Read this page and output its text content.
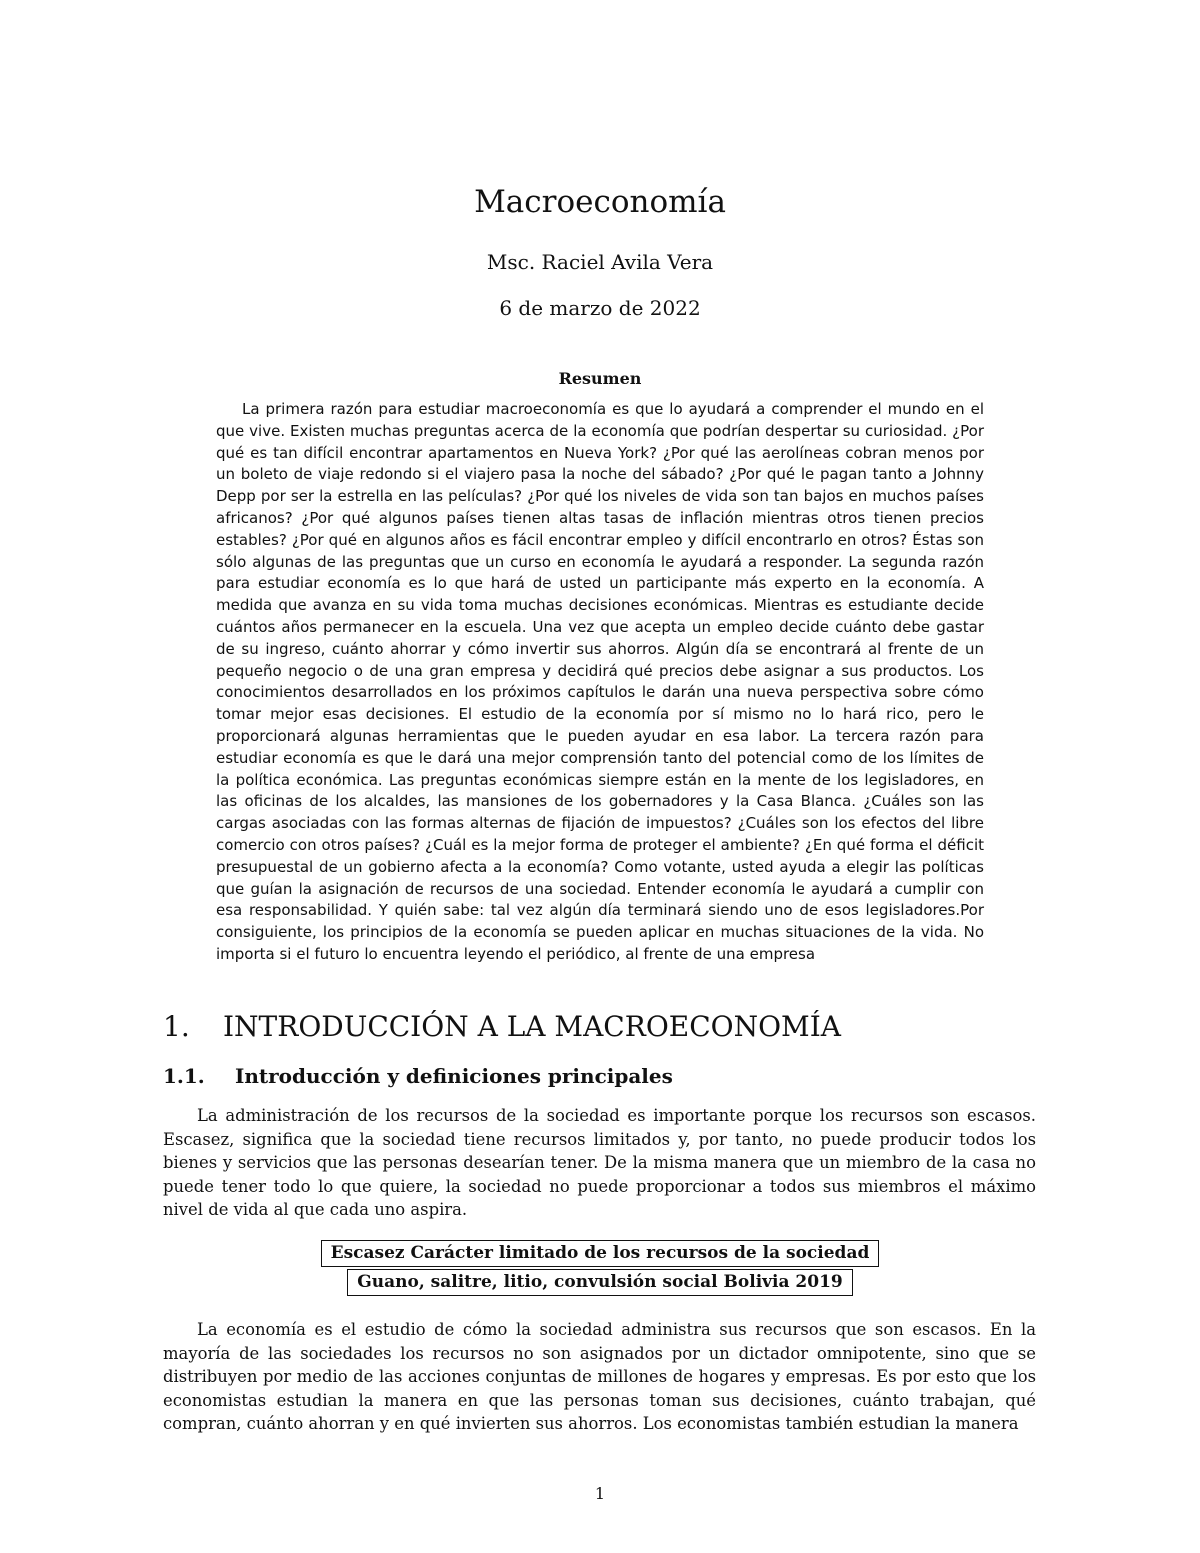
Macroeconomía
Msc. Raciel Avila Vera
6 de marzo de 2022
Resumen

La primera razón para estudiar macroeconomía es que lo ayudará a comprender el mundo en el que vive. Existen muchas preguntas acerca de la economía que podrían despertar su curiosidad. ¿Por qué es tan difícil encontrar apartamentos en Nueva York? ¿Por qué las aerolíneas cobran menos por un boleto de viaje redondo si el viajero pasa la noche del sábado? ¿Por qué le pagan tanto a Johnny Depp por ser la estrella en las películas? ¿Por qué los niveles de vida son tan bajos en muchos países africanos? ¿Por qué algunos países tienen altas tasas de inflación mientras otros tienen precios estables? ¿Por qué en algunos años es fácil encontrar empleo y difícil encontrarlo en otros? Éstas son sólo algunas de las preguntas que un curso en economía le ayudará a responder. La segunda razón para estudiar economía es lo que hará de usted un participante más experto en la economía. A medida que avanza en su vida toma muchas decisiones económicas. Mientras es estudiante decide cuántos años permanecer en la escuela. Una vez que acepta un empleo decide cuánto debe gastar de su ingreso, cuánto ahorrar y cómo invertir sus ahorros. Algún día se encontrará al frente de un pequeño negocio o de una gran empresa y decidirá qué precios debe asignar a sus productos. Los conocimientos desarrollados en los próximos capítulos le darán una nueva perspectiva sobre cómo tomar mejor esas decisiones. El estudio de la economía por sí mismo no lo hará rico, pero le proporcionará algunas herramientas que le pueden ayudar en esa labor. La tercera razón para estudiar economía es que le dará una mejor comprensión tanto del potencial como de los límites de la política económica. Las preguntas económicas siempre están en la mente de los legisladores, en las oficinas de los alcaldes, las mansiones de los gobernadores y la Casa Blanca. ¿Cuáles son las cargas asociadas con las formas alternas de fijación de impuestos? ¿Cuáles son los efectos del libre comercio con otros países? ¿Cuál es la mejor forma de proteger el ambiente? ¿En qué forma el déficit presupuestal de un gobierno afecta a la economía? Como votante, usted ayuda a elegir las políticas que guían la asignación de recursos de una sociedad. Entender economía le ayudará a cumplir con esa responsabilidad. Y quién sabe: tal vez algún día terminará siendo uno de esos legisladores.Por consiguiente, los principios de la economía se pueden aplicar en muchas situaciones de la vida. No importa si el futuro lo encuentra leyendo el periódico, al frente de una empresa

1. INTRODUCCIÓN A LA MACROECONOMÍA
1.1. Introducción y definiciones principales

La administración de los recursos de la sociedad es importante porque los recursos son escasos. Escasez, significa que la sociedad tiene recursos limitados y, por tanto, no puede producir todos los bienes y servicios que las personas desearían tener. De la misma manera que un miembro de la casa no puede tener todo lo que quiere, la sociedad no puede proporcionar a todos sus miembros el máximo nivel de vida al que cada uno aspira.

Escasez Carácter limitado de los recursos de la sociedad
Guano, salitre, litio, convulsión social Bolivia 2019

La economía es el estudio de cómo la sociedad administra sus recursos que son escasos. En la mayoría de las sociedades los recursos no son asignados por un dictador omnipotente, sino que se distribuyen por medio de las acciones conjuntas de millones de hogares y empresas. Es por esto que los economistas estudian la manera en que las personas toman sus decisiones, cuánto trabajan, qué compran, cuánto ahorran y en qué invierten sus ahorros. Los economistas también estudian la manera

1
